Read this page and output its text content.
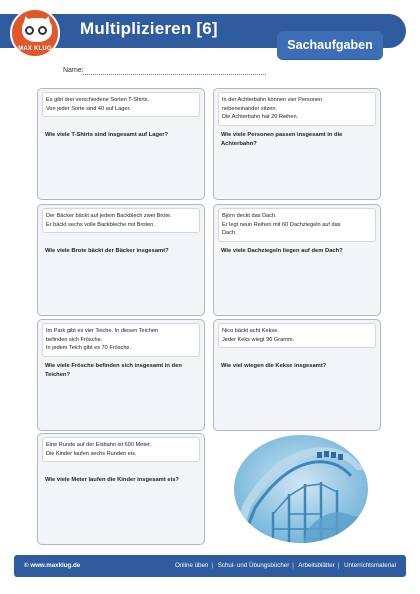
MAX KLUG
Multiplizieren [6]
Sachaufgaben
Name:
Es gibt drei verschiedene Sorten T-Shirts.
Von jeder Sorte sind 40 auf Lager.
Wie viele T-Shirts sind insgesamt auf Lager?
In der Achterbahn können vier Personen
nebeneinander sitzen.
Die Achterbahn hat 20 Reihen.
Wie viele Personen passen insgesamt in die Achterbahn?
Der Bäcker bäckt auf jedem Backblech zwei Brote.
Er bäckt sechs volle Backbleche mit Broten.
Wie viele Brote bäckt der Bäcker insgesamt?
Björn deckt das Dach.
Er legt neun Reihen mit 60 Dachziegeln auf das
Dach.
Wie viele Dachziegeln liegen auf dem Dach?
Im Park gibt es vier Teiche. In diesen Teichen
befinden sich Frösche.
In jedem Teich gibt es 70 Frösche.
Wie viele Frösche befinden sich insgesamt in den Teichen?
Nico bäckt acht Kekse.
Jeder Keks wiegt 90 Gramm.
Wie viel wiegen die Kekse insgesamt?
Eine Runde auf der Eisbahn ist 600 Meter.
Die Kinder laufen sechs Runden eis.
Wie viele Meter laufen die Kinder insgesamt eis?
© www.maxklug.de	Online üben | Schul- und Übungsbücher | Arbeitsblätter | Unterrichtsmaterial
